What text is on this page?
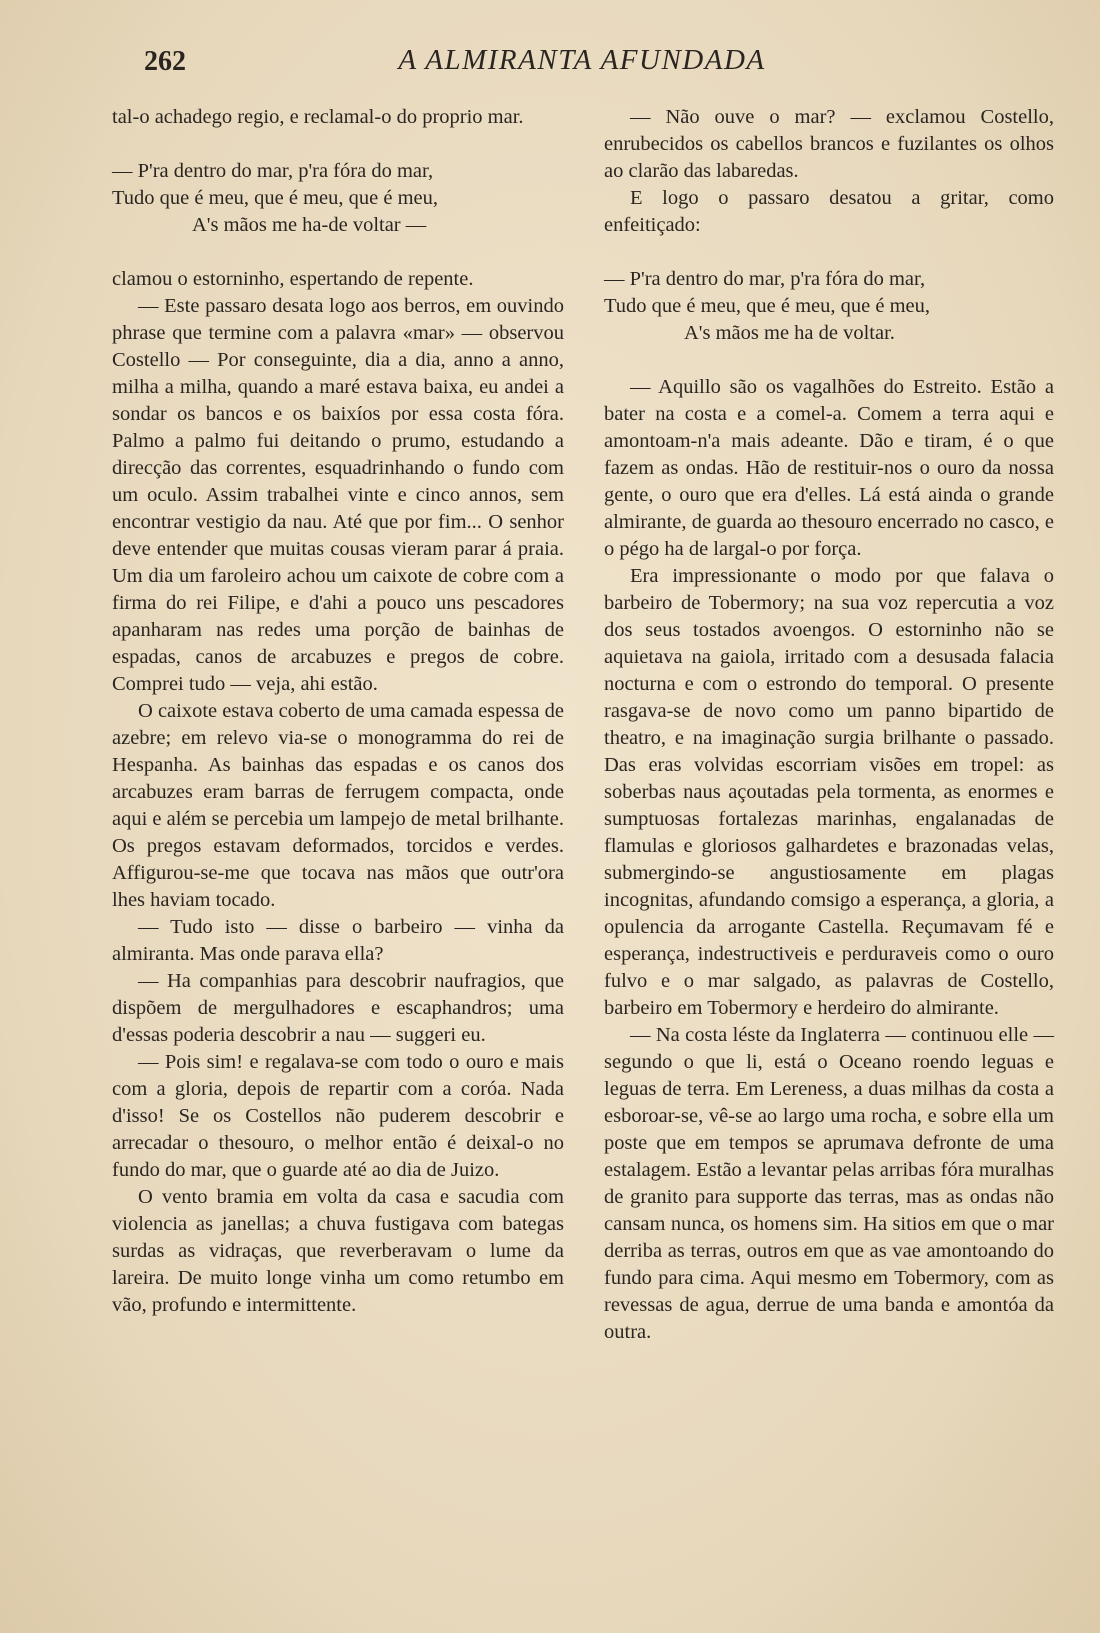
262	A ALMIRANTA AFUNDADA

tal-o achadego regio, e reclamal-o do proprio mar.

— P'ra dentro do mar, p'ra fóra do mar,
Tudo que é meu, que é meu, que é meu,
A's mãos me ha-de voltar —

clamou o estorninho, espertando de repente.

— Este passaro desata logo aos berros, em ouvindo phrase que termine com a palavra «mar» — observou Costello — Por conseguinte, dia a dia, anno a anno, milha a milha, quando a maré estava baixa, eu andei a sondar os bancos e os baixíos por essa costa fóra. Palmo a palmo fui deitando o prumo, estudando a direcção das correntes, esquadrinhando o fundo com um oculo. Assim trabalhei vinte e cinco annos, sem encontrar vestigio da nau. Até que por fim... O senhor deve entender que muitas cousas vieram parar á praia. Um dia um faroleiro achou um caixote de cobre com a firma do rei Filipe, e d'ahi a pouco uns pescadores apanharam nas redes uma porção de bainhas de espadas, canos de arcabuzes e pregos de cobre. Comprei tudo — veja, ahi estão.

O caixote estava coberto de uma camada espessa de azebre; em relevo via-se o monogramma do rei de Hespanha. As bainhas das espadas e os canos dos arcabuzes eram barras de ferrugem compacta, onde aqui e além se percebia um lampejo de metal brilhante. Os pregos estavam deformados, torcidos e verdes. Affigurou-se-me que tocava nas mãos que outr'ora lhes haviam tocado.

— Tudo isto — disse o barbeiro — vinha da almiranta. Mas onde parava ella?

— Ha companhias para descobrir naufragios, que dispõem de mergulhadores e escaphandros; uma d'essas poderia descobrir a nau — suggeri eu.

— Pois sim! e regalava-se com todo o ouro e mais com a gloria, depois de repartir com a coróa. Nada d'isso! Se os Costellos não puderem descobrir e arrecadar o thesouro, o melhor então é deixal-o no fundo do mar, que o guarde até ao dia de Juizo.

O vento bramia em volta da casa e sacudia com violencia as janellas; a chuva fustigava com bategas surdas as vidraças, que reverberavam o lume da lareira. De muito longe vinha um como retumbo em vão, profundo e intermittente.

— Não ouve o mar? — exclamou Costello, enrubecidos os cabellos brancos e fuzilantes os olhos ao clarão das labaredas.

E logo o passaro desatou a gritar, como enfeitiçado:

— P'ra dentro do mar, p'ra fóra do mar,
Tudo que é meu, que é meu, que é meu,
A's mãos me ha de voltar.

— Aquillo são os vagalhões do Estreito. Estão a bater na costa e a comel-a. Comem a terra aqui e amontoam-n'a mais adeante. Dão e tiram, é o que fazem as ondas. Hão de restituir-nos o ouro da nossa gente, o ouro que era d'elles. Lá está ainda o grande almirante, de guarda ao thesouro encerrado no casco, e o pégo ha de largal-o por força.

Era impressionante o modo por que falava o barbeiro de Tobermory; na sua voz repercutia a voz dos seus tostados avoengos. O estorninho não se aquietava na gaiola, irritado com a desusada falacia nocturna e com o estrondo do temporal. O presente rasgava-se de novo como um panno bipartido de theatro, e na imaginação surgia brilhante o passado. Das eras volvidas escorriam visões em tropel: as soberbas naus açoutadas pela tormenta, as enormes e sumptuosas fortalezas marinhas, engalanadas de flamulas e gloriosos galhardetes e brazonadas velas, submergindo-se angustiosamente em plagas incognitas, afundando comsigo a esperança, a gloria, a opulencia da arrogante Castella. Reçumavam fé e esperança, indestructiveis e perduraveis como o ouro fulvo e o mar salgado, as palavras de Costello, barbeiro em Tobermory e herdeiro do almirante.

— Na costa léste da Inglaterra — continuou elle — segundo o que li, está o Oceano roendo leguas e leguas de terra. Em Lereness, a duas milhas da costa a esboroar-se, vê-se ao largo uma rocha, e sobre ella um poste que em tempos se aprumava defronte de uma estalagem. Estão a levantar pelas arribas fóra muralhas de granito para supporte das terras, mas as ondas não cansam nunca, os homens sim. Ha sitios em que o mar derriba as terras, outros em que as vae amontoando do fundo para cima. Aqui mesmo em Tobermory, com as revessas de agua, derrue de uma banda e amontóa da outra.
